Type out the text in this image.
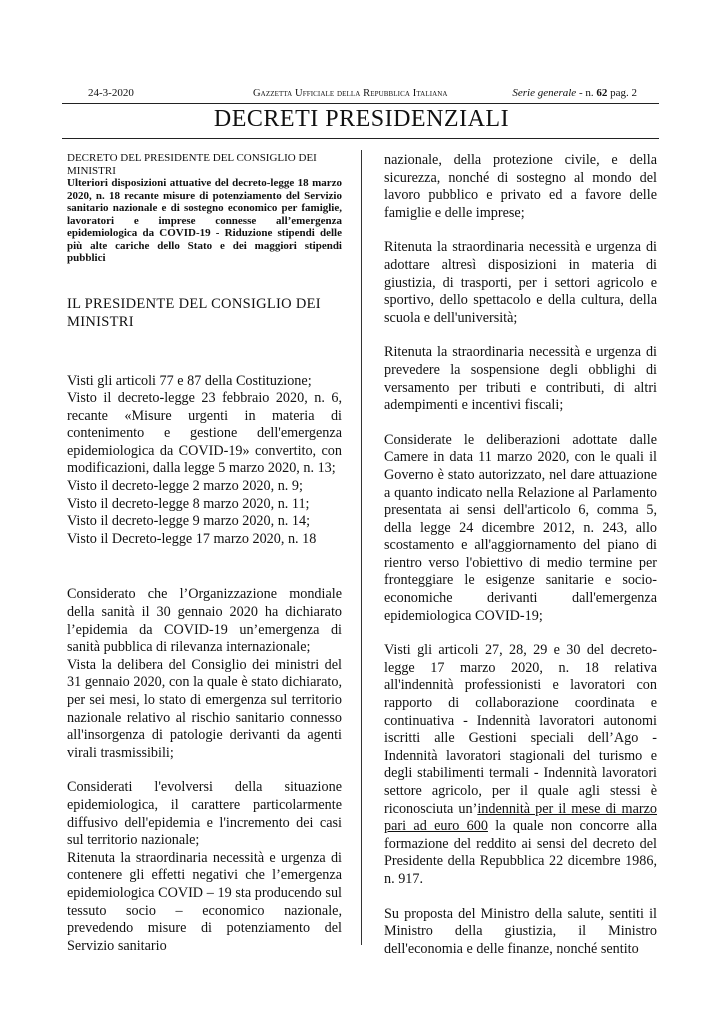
24-3-2020	Gazzetta Ufficiale della Repubblica Italiana	Serie generale - n. 62 pag. 2
DECRETI PRESIDENZIALI

DECRETO DEL PRESIDENTE DEL CONSIGLIO DEI MINISTRI

Ulteriori disposizioni attuative del decreto-legge 18 marzo 2020, n. 18 recante misure di potenziamento del Servizio sanitario nazionale e di sostegno economico per famiglie, lavoratori e imprese connesse all’emergenza epidemiologica da COVID-19 - Riduzione stipendi delle più alte cariche dello Stato e dei maggiori stipendi pubblici

IL PRESIDENTE DEL CONSIGLIO DEI MINISTRI

Visti gli articoli 77 e 87 della Costituzione;

Visto il decreto-legge 23 febbraio 2020, n. 6, recante «Misure urgenti in materia di contenimento e gestione dell'emergenza epidemiologica da COVID-19» convertito, con modificazioni, dalla legge 5 marzo 2020, n. 13;

Visto il decreto-legge 2 marzo 2020, n. 9;

Visto il decreto-legge 8 marzo 2020, n. 11;

Visto il decreto-legge 9 marzo 2020, n. 14;

Visto il Decreto-legge 17 marzo 2020, n. 18

Considerato che l’Organizzazione mondiale della sanità il 30 gennaio 2020 ha dichiarato l’epidemia da COVID-19 un’emergenza di sanità pubblica di rilevanza internazionale;

Vista la delibera del Consiglio dei ministri del 31 gennaio 2020, con la quale è stato dichiarato, per sei mesi, lo stato di emergenza sul territorio nazionale relativo al rischio sanitario connesso all'insorgenza di patologie derivanti da agenti virali trasmissibili;

Considerati l'evolversi della situazione epidemiologica, il carattere particolarmente diffusivo dell'epidemia e l'incremento dei casi sul territorio nazionale;

Ritenuta la straordinaria necessità e urgenza di contenere gli effetti negativi che l’emergenza epidemiologica COVID – 19 sta producendo sul tessuto socio – economico nazionale, prevedendo misure di potenziamento del Servizio sanitario

nazionale, della protezione civile, e della sicurezza, nonché di sostegno al mondo del lavoro pubblico e privato ed a favore delle famiglie e delle imprese;
Ritenuta la straordinaria necessità e urgenza di adottare altresì disposizioni in materia di giustizia, di trasporti, per i settori agricolo e sportivo, dello spettacolo e della cultura, della scuola e dell'università;
Ritenuta la straordinaria necessità e urgenza di prevedere la sospensione degli obblighi di versamento per tributi e contributi, di altri adempimenti e incentivi fiscali;
Considerate le deliberazioni adottate dalle Camere in data 11 marzo 2020, con le quali il Governo è stato autorizzato, nel dare attuazione a quanto indicato nella Relazione al Parlamento presentata ai sensi dell'articolo 6, comma 5, della legge 24 dicembre 2012, n. 243, allo scostamento e all'aggiornamento del piano di rientro verso l'obiettivo di medio termine per fronteggiare le esigenze sanitarie e socio-economiche derivanti dall'emergenza epidemiologica COVID-19;
Visti gli articoli 27, 28, 29 e 30 del decreto-legge 17 marzo 2020, n. 18 relativa all'indennità professionisti e lavoratori con rapporto di collaborazione coordinata e continuativa - Indennità lavoratori autonomi iscritti alle Gestioni speciali dell’Ago - Indennità lavoratori stagionali del turismo e degli stabilimenti termali - Indennità lavoratori settore agricolo, per il quale agli stessi è riconosciuta un’indennità per il mese di marzo pari ad euro 600 la quale non concorre alla formazione del reddito ai sensi del decreto del Presidente della Repubblica 22 dicembre 1986, n. 917.
Su proposta del Ministro della salute, sentiti il Ministro della giustizia, il Ministro dell'economia e delle finanze, nonché sentito
